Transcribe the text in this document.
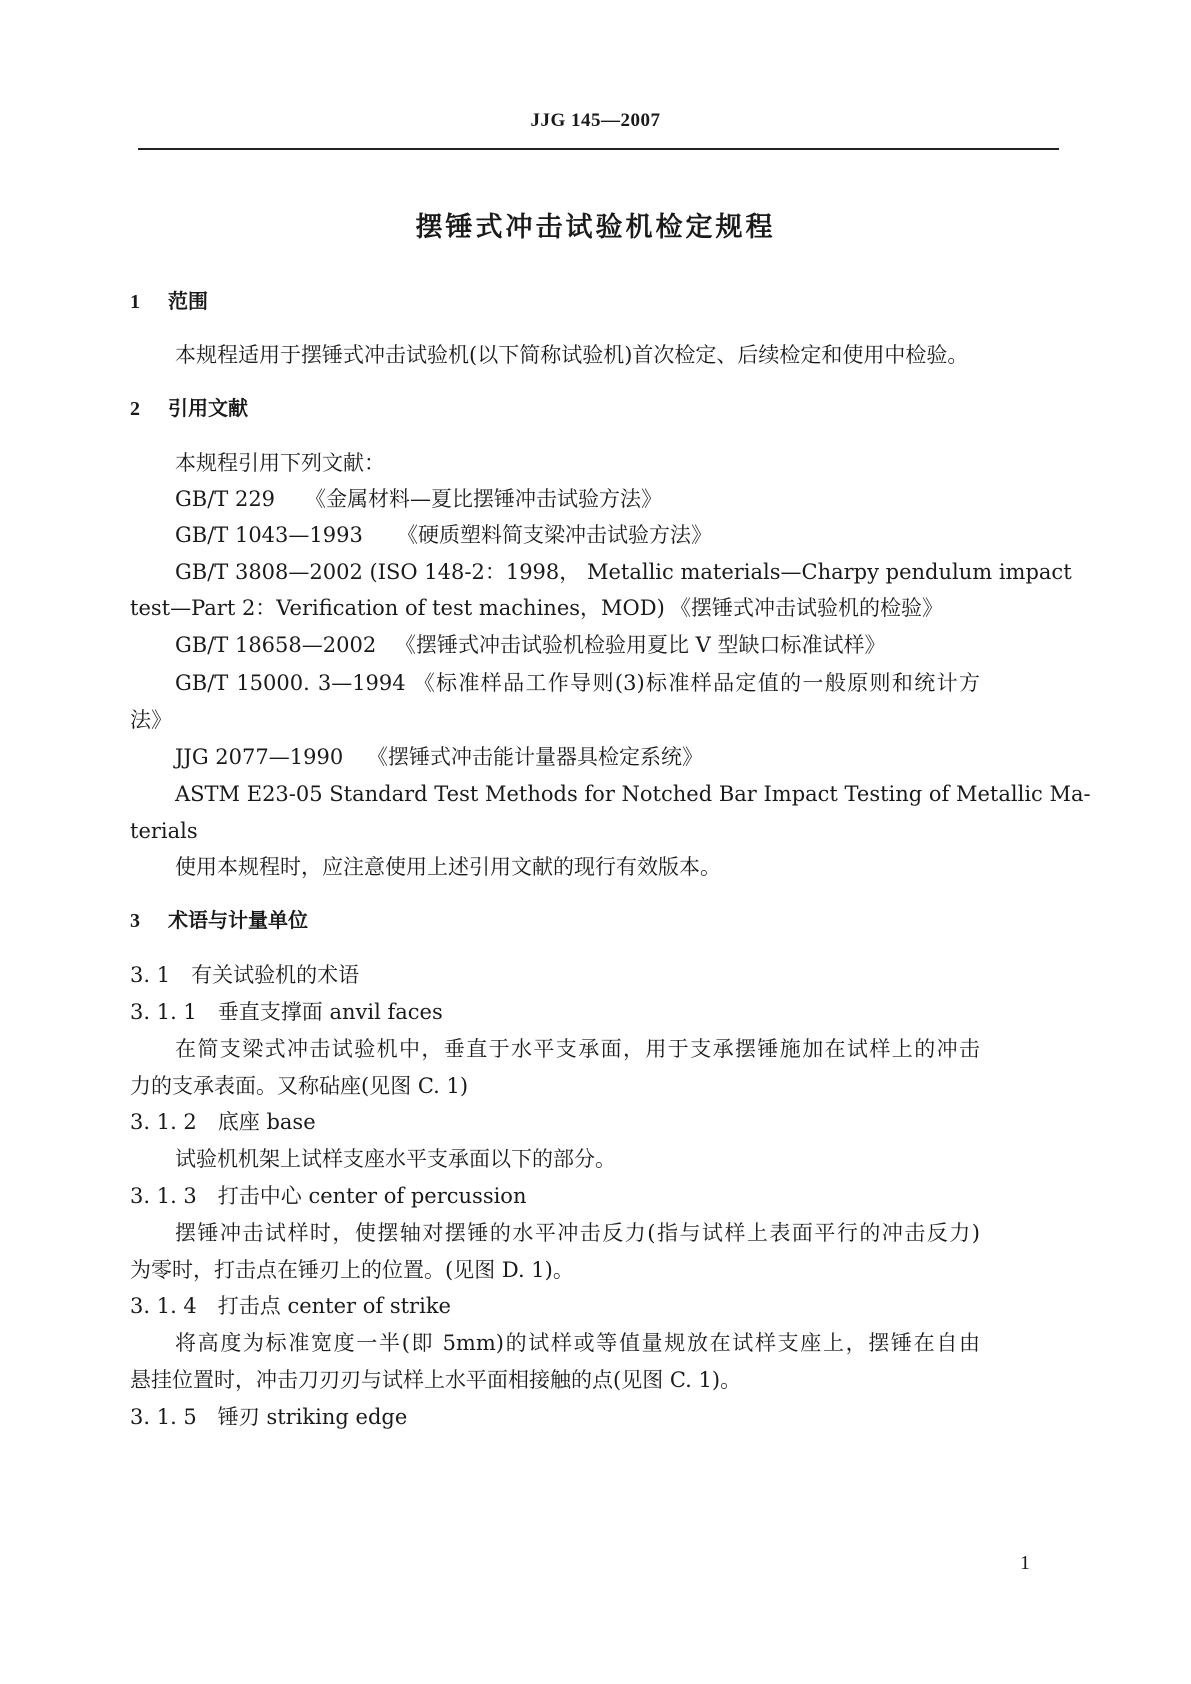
JJG 145—2007
摆锤式冲击试验机检定规程
1 范围
本规程适用于摆锤式冲击试验机(以下简称试验机)首次检定、后续检定和使用中检验。
2 引用文献
本规程引用下列文献：
GB/T 229 《金属材料—夏比摆锤冲击试验方法》
GB/T 1043—1993 《硬质塑料简支梁冲击试验方法》
GB/T 3808—2002 (ISO 148-2：1998， Metallic materials—Charpy pendulum impact
test—Part 2：Verification of test machines，MOD) 《摆锤式冲击试验机的检验》
GB/T 18658—2002 《摆锤式冲击试验机检验用夏比 V 型缺口标准试样》
GB/T 15000. 3—1994 《标准样品工作导则(3)标准样品定值的一般原则和统计方
法》
JJG 2077—1990 《摆锤式冲击能计量器具检定系统》
ASTM E23-05 Standard Test Methods for Notched Bar Impact Testing of Metallic Ma-
terials
使用本规程时，应注意使用上述引用文献的现行有效版本。
3 术语与计量单位
3. 1　有关试验机的术语
3. 1. 1　垂直支撑面 anvil faces
在简支梁式冲击试验机中，垂直于水平支承面，用于支承摆锤施加在试样上的冲击
力的支承表面。又称砧座(见图 C. 1)
3. 1. 2　底座 base
试验机机架上试样支座水平支承面以下的部分。
3. 1. 3　打击中心 center of percussion
摆锤冲击试样时，使摆轴对摆锤的水平冲击反力(指与试样上表面平行的冲击反力)
为零时，打击点在锤刃上的位置。(见图 D. 1)。
3. 1. 4　打击点 center of strike
将高度为标准宽度一半(即 5mm)的试样或等值量规放在试样支座上，摆锤在自由
悬挂位置时，冲击刀刃刃与试样上水平面相接触的点(见图 C. 1)。
3. 1. 5　锤刃 striking edge
1
